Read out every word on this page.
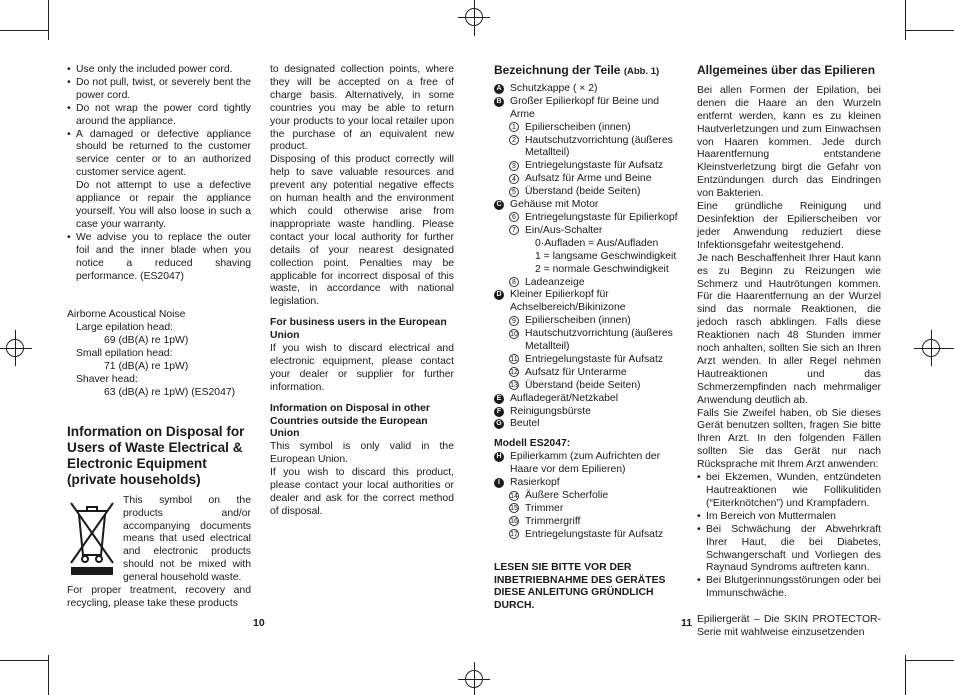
• Use only the included power cord.
• Do not pull, twist, or severely bent the power cord.
• Do not wrap the power cord tightly around the appliance.
• A damaged or defective appliance should be returned to the customer service center or to an authorized customer service agent.
Do not attempt to use a defective appliance or repair the appliance yourself. You will also loose in such a case your warranty.
• We advise you to replace the outer foil and the inner blade when you notice a reduced shaving performance. (ES2047)
Airborne Acoustical Noise
Large epilation head:
69 (dB(A) re 1pW)
Small epilation head:
71 (dB(A) re 1pW)
Shaver head:
63 (dB(A) re 1pW) (ES2047)
Information on Disposal for Users of Waste Electrical & Electronic Equipment (private households)

This symbol on the products and/or accompanying documents means that used electrical and electronic products should not be mixed with general household waste.

For proper treatment, recovery and recycling, please take these products

10

to designated collection points, where they will be accepted on a free of charge basis. Alternatively, in some countries you may be able to return your products to your local retailer upon the purchase of an equivalent new product.

Disposing of this product correctly will help to save valuable resources and prevent any potential negative effects on human health and the environment which could otherwise arise from inappropriate waste handling. Please contact your local authority for further details of your nearest designated collection point. Penalties may be applicable for incorrect disposal of this waste, in accordance with national legislation.

For business users in the European Union

If you wish to discard electrical and electronic equipment, please contact your dealer or supplier for further information.

Information on Disposal in other Countries outside the European Union

This symbol is only valid in the European Union.

If you wish to discard this product, please contact your local authorities or dealer and ask for the correct method of disposal.

Bezeichnung der Teile (Abb. 1)
A Schutzkappe ( × 2)
B Großer Epilierkopf für Beine und Arme
1 Epilierscheiben (innen)
2 Hautschutzvorrichtung (äußeres Metallteil)
3 Entriegelungstaste für Aufsatz
4 Aufsatz für Arme und Beine
5 Überstand (beide Seiten)
C Gehäuse mit Motor
6 Entriegelungstaste für Epilierkopf
7 Ein/Aus-Schalter
0·Aufladen = Aus/Aufladen
1 = langsame Geschwindigkeit
2 = normale Geschwindigkeit
8 Ladeanzeige
D Kleiner Epilierkopf für Achselbereich/Bikinizone
9 Epilierscheiben (innen)
10 Hautschutzvorrichtung (äußeres Metallteil)
11 Entriegelungstaste für Aufsatz
12 Aufsatz für Unterarme
13 Überstand (beide Seiten)
E Aufladegerät/Netzkabel
F Reinigungsbürste
G Beutel
Modell ES2047:
H Epilierkamm (zum Aufrichten der Haare vor dem Epilieren)
I Rasierkopf
14 Äußere Scherfolie
15 Trimmer
16 Trimmergriff
17 Entriegelungstaste für Aufsatz
LESEN SIE BITTE VOR DER INBETRIEBNAHME DES GERÄTES DIESE ANLEITUNG GRÜNDLICH DURCH.
11
Allgemeines über das Epilieren

Bei allen Formen der Epilation, bei denen die Haare an den Wurzeln entfernt werden, kann es zu kleinen Hautverletzungen und zum Einwachsen von Haaren kommen. Jede durch Haarentfernung entstandene Kleinstverletzung birgt die Gefahr von Entzündungen durch das Eindringen von Bakterien.

Eine gründliche Reinigung und Desinfektion der Epilierscheiben vor jeder Anwendung reduziert diese Infektionsgefahr weitestgehend.

Je nach Beschaffenheit Ihrer Haut kann es zu Beginn zu Reizungen wie Schmerz und Hautrötungen kommen. Für die Haarentfernung an der Wurzel sind das normale Reaktionen, die jedoch rasch abklingen. Falls diese Reaktionen nach 48 Stunden immer noch anhalten, sollten Sie sich an Ihren Arzt wenden. In aller Regel nehmen Hautreaktionen und das Schmerzempfinden nach mehrmaliger Anwendung deutlich ab.

Falls Sie Zweifel haben, ob Sie dieses Gerät benutzen sollten, fragen Sie bitte Ihren Arzt. In den folgenden Fällen sollten Sie das Gerät nur nach Rücksprache mit Ihrem Arzt anwenden:

• bei Ekzemen, Wunden, entzündeten Hautreaktionen wie Follikulitiden (“Eiterknötchen”) und Krampfadern.
• Im Bereich von Muttermalen
• Bei Schwächung der Abwehrkraft Ihrer Haut, die bei Diabetes, Schwangerschaft und Vorliegen des Raynaud Syndroms auftreten kann.
• Bei Blutgerinnungsstörungen oder bei Immunschwäche.

Epiliergerät – Die SKIN PROTECTOR-Serie mit wahlweise einzusetzenden
